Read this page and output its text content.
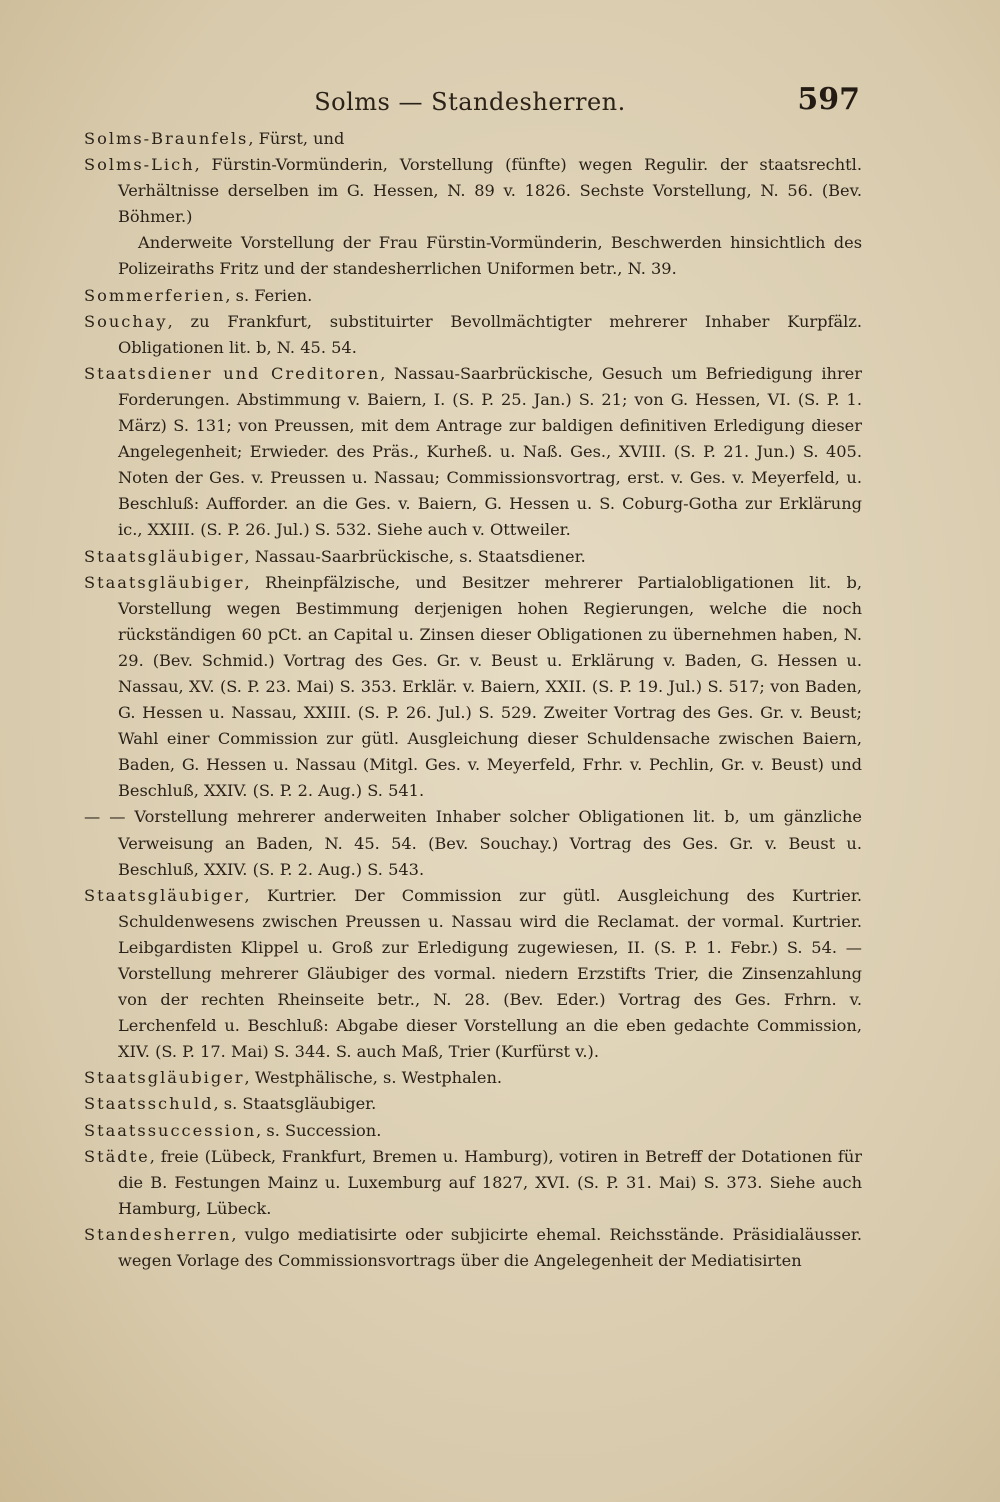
Solms — Standesherren.	597

Solms-Braunfels, Fürst, und

Solms-Lich, Fürstin-Vormünderin, Vorstellung (fünfte) wegen Regulir. der staatsrechtl. Verhältnisse derselben im G. Hessen, N. 89 v. 1826. Sechste Vorstellung, N. 56. (Bev. Böhmer.)

Anderweite Vorstellung der Frau Fürstin-Vormünderin, Beschwerden hinsichtlich des Polizeiraths Fritz und der standesherrlichen Uniformen betr., N. 39.

Sommerferien, s. Ferien.

Souchay, zu Frankfurt, substituirter Bevollmächtigter mehrerer Inhaber Kurpfälz. Obligationen lit. b, N. 45. 54.

Staatsdiener und Creditoren, Nassau-Saarbrückische, Gesuch um Befriedigung ihrer Forderungen. Abstimmung v. Baiern, I. (S. P. 25. Jan.) S. 21; von G. Hessen, VI. (S. P. 1. März) S. 131; von Preussen, mit dem Antrage zur baldigen definitiven Erledigung dieser Angelegenheit; Erwieder. des Präs., Kurheß. u. Naß. Ges., XVIII. (S. P. 21. Jun.) S. 405. Noten der Ges. v. Preussen u. Nassau; Commissionsvortrag, erst. v. Ges. v. Meyerfeld, u. Beschluß: Aufforder. an die Ges. v. Baiern, G. Hessen u. S. Coburg-Gotha zur Erklärung ic., XXIII. (S. P. 26. Jul.) S. 532. Siehe auch v. Ottweiler.

Staatsgläubiger, Nassau-Saarbrückische, s. Staatsdiener.

Staatsgläubiger, Rheinpfälzische, und Besitzer mehrerer Partialobligationen lit. b, Vorstellung wegen Bestimmung derjenigen hohen Regierungen, welche die noch rückständigen 60 pCt. an Capital u. Zinsen dieser Obligationen zu übernehmen haben, N. 29. (Bev. Schmid.) Vortrag des Ges. Gr. v. Beust u. Erklärung v. Baden, G. Hessen u. Nassau, XV. (S. P. 23. Mai) S. 353. Erklär. v. Baiern, XXII. (S. P. 19. Jul.) S. 517; von Baden, G. Hessen u. Nassau, XXIII. (S. P. 26. Jul.) S. 529. Zweiter Vortrag des Ges. Gr. v. Beust; Wahl einer Commission zur gütl. Ausgleichung dieser Schuldensache zwischen Baiern, Baden, G. Hessen u. Nassau (Mitgl. Ges. v. Meyerfeld, Frhr. v. Pechlin, Gr. v. Beust) und Beschluß, XXIV. (S. P. 2. Aug.) S. 541.

— — Vorstellung mehrerer anderweiten Inhaber solcher Obligationen lit. b, um gänzliche Verweisung an Baden, N. 45. 54. (Bev. Souchay.) Vortrag des Ges. Gr. v. Beust u. Beschluß, XXIV. (S. P. 2. Aug.) S. 543.

Staatsgläubiger, Kurtrier. Der Commission zur gütl. Ausgleichung des Kurtrier. Schuldenwesens zwischen Preussen u. Nassau wird die Reclamat. der vormal. Kurtrier. Leibgardisten Klippel u. Groß zur Erledigung zugewiesen, II. (S. P. 1. Febr.) S. 54. — Vorstellung mehrerer Gläubiger des vormal. niedern Erzstifts Trier, die Zinsenzahlung von der rechten Rheinseite betr., N. 28. (Bev. Eder.) Vortrag des Ges. Frhrn. v. Lerchenfeld u. Beschluß: Abgabe dieser Vorstellung an die eben gedachte Commission, XIV. (S. P. 17. Mai) S. 344. S. auch Maß, Trier (Kurfürst v.).

Staatsgläubiger, Westphälische, s. Westphalen.

Staatsschuld, s. Staatsgläubiger.

Staatssuccession, s. Succession.

Städte, freie (Lübeck, Frankfurt, Bremen u. Hamburg), votiren in Betreff der Dotationen für die B. Festungen Mainz u. Luxemburg auf 1827, XVI. (S. P. 31. Mai) S. 373. Siehe auch Hamburg, Lübeck.

Standesherren, vulgo mediatisirte oder subjicirte ehemal. Reichsstände. Präsidialäusser. wegen Vorlage des Commissionsvortrags über die Angelegenheit der Mediatisirten
